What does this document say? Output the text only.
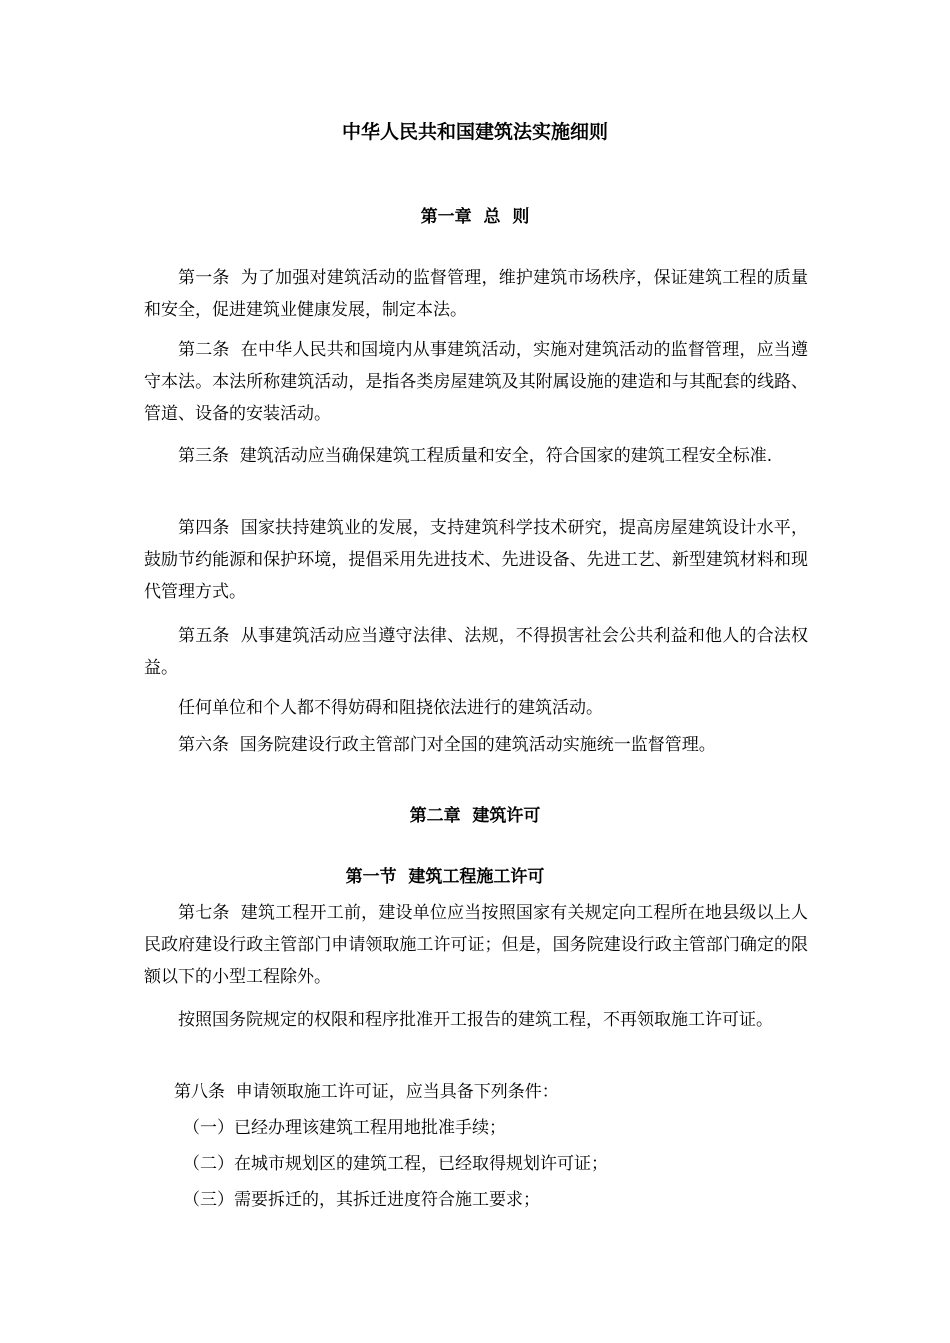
中华人民共和国建筑法实施细则
第一章  总  则

第一条  为了加强对建筑活动的监督管理，维护建筑市场秩序，保证建筑工程的质量和安全，促进建筑业健康发展，制定本法。

第二条  在中华人民共和国境内从事建筑活动，实施对建筑活动的监督管理，应当遵守本法。本法所称建筑活动，是指各类房屋建筑及其附属设施的建造和与其配套的线路、管道、设备的安装活动。

第三条  建筑活动应当确保建筑工程质量和安全，符合国家的建筑工程安全标准.

第四条  国家扶持建筑业的发展，支持建筑科学技术研究，提高房屋建筑设计水平，鼓励节约能源和保护环境，提倡采用先进技术、先进设备、先进工艺、新型建筑材料和现代管理方式。

第五条  从事建筑活动应当遵守法律、法规，不得损害社会公共利益和他人的合法权益。

任何单位和个人都不得妨碍和阻挠依法进行的建筑活动。

第六条  国务院建设行政主管部门对全国的建筑活动实施统一监督管理。

第二章  建筑许可
第一节  建筑工程施工许可

第七条  建筑工程开工前，建设单位应当按照国家有关规定向工程所在地县级以上人民政府建设行政主管部门申请领取施工许可证；但是，国务院建设行政主管部门确定的限额以下的小型工程除外。

按照国务院规定的权限和程序批准开工报告的建筑工程，不再领取施工许可证。

第八条  申请领取施工许可证，应当具备下列条件：

（一）已经办理该建筑工程用地批准手续；

（二）在城市规划区的建筑工程，已经取得规划许可证；

（三）需要拆迁的，其拆迁进度符合施工要求；
